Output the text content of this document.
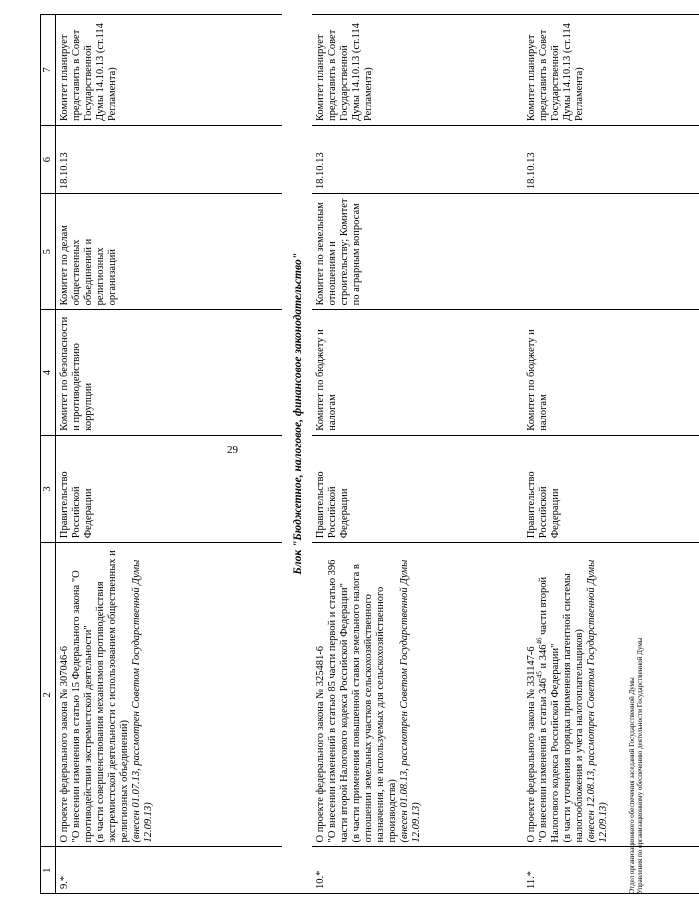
29
1	2	3	4	5	6	7
9.*	О проекте федерального закона № 307046-6
"О внесении изменения в статью 15 Федерального закона "О противодействии экстремистской деятельности"
(в части совершенствования механизмов противодействия экстремистской деятельности с использованием общественных и религиозных объединений)
(внесен 01.07.13, рассмотрен Советом Государственной Думы 12.09.13)	Правительство Российской Федерации	Комитет по безопасности и противодействию коррупции	Комитет по делам общественных объединений и религиозных организаций	18.10.13	Комитет планирует представить в Совет Государственной Думы 14.10.13 (ст.114 Регламента)
Блок "Бюджетное, налоговое, финансовое законодательство"						
10.*	О проекте федерального закона № 325481-6
"О внесении изменений в статью 85 части первой и статью 396 части второй Налогового кодекса Российской Федерации"
(в части применения повышенной ставки земельного налога в отношении земельных участков сельскохозяйственного назначения, не используемых для сельскохозяйственного производства)
(внесен 01.08.13, рассмотрен Советом Государственной Думы 12.09.13)	Правительство Российской Федерации	Комитет по бюджету и налогам	Комитет по земельным отношениям и строительству; Комитет по аграрным вопросам	18.10.13	Комитет планирует представить в Совет Государственной Думы 14.10.13 (ст.114 Регламента)
11.*	О проекте федерального закона № 331147-6
"О внесении изменений в статьи $346^{45}$ и $346^{46}$ части второй Налогового кодекса Российской Федерации"
(в части уточнения порядка применения патентной системы налогообложения и учета налогоплательщиков)
(внесен 12.08.13, рассмотрен Советом Государственной Думы 12.09.13)	Правительство Российской Федерации	Комитет по бюджету и налогам		18.10.13	Комитет планирует представить в Совет Государственной Думы 14.10.13 (ст.114 Регламента)
Отдел организационного обеспечения заседаний Государственной Думы Управления по организационному обеспечению деятельности Государственной Думы
